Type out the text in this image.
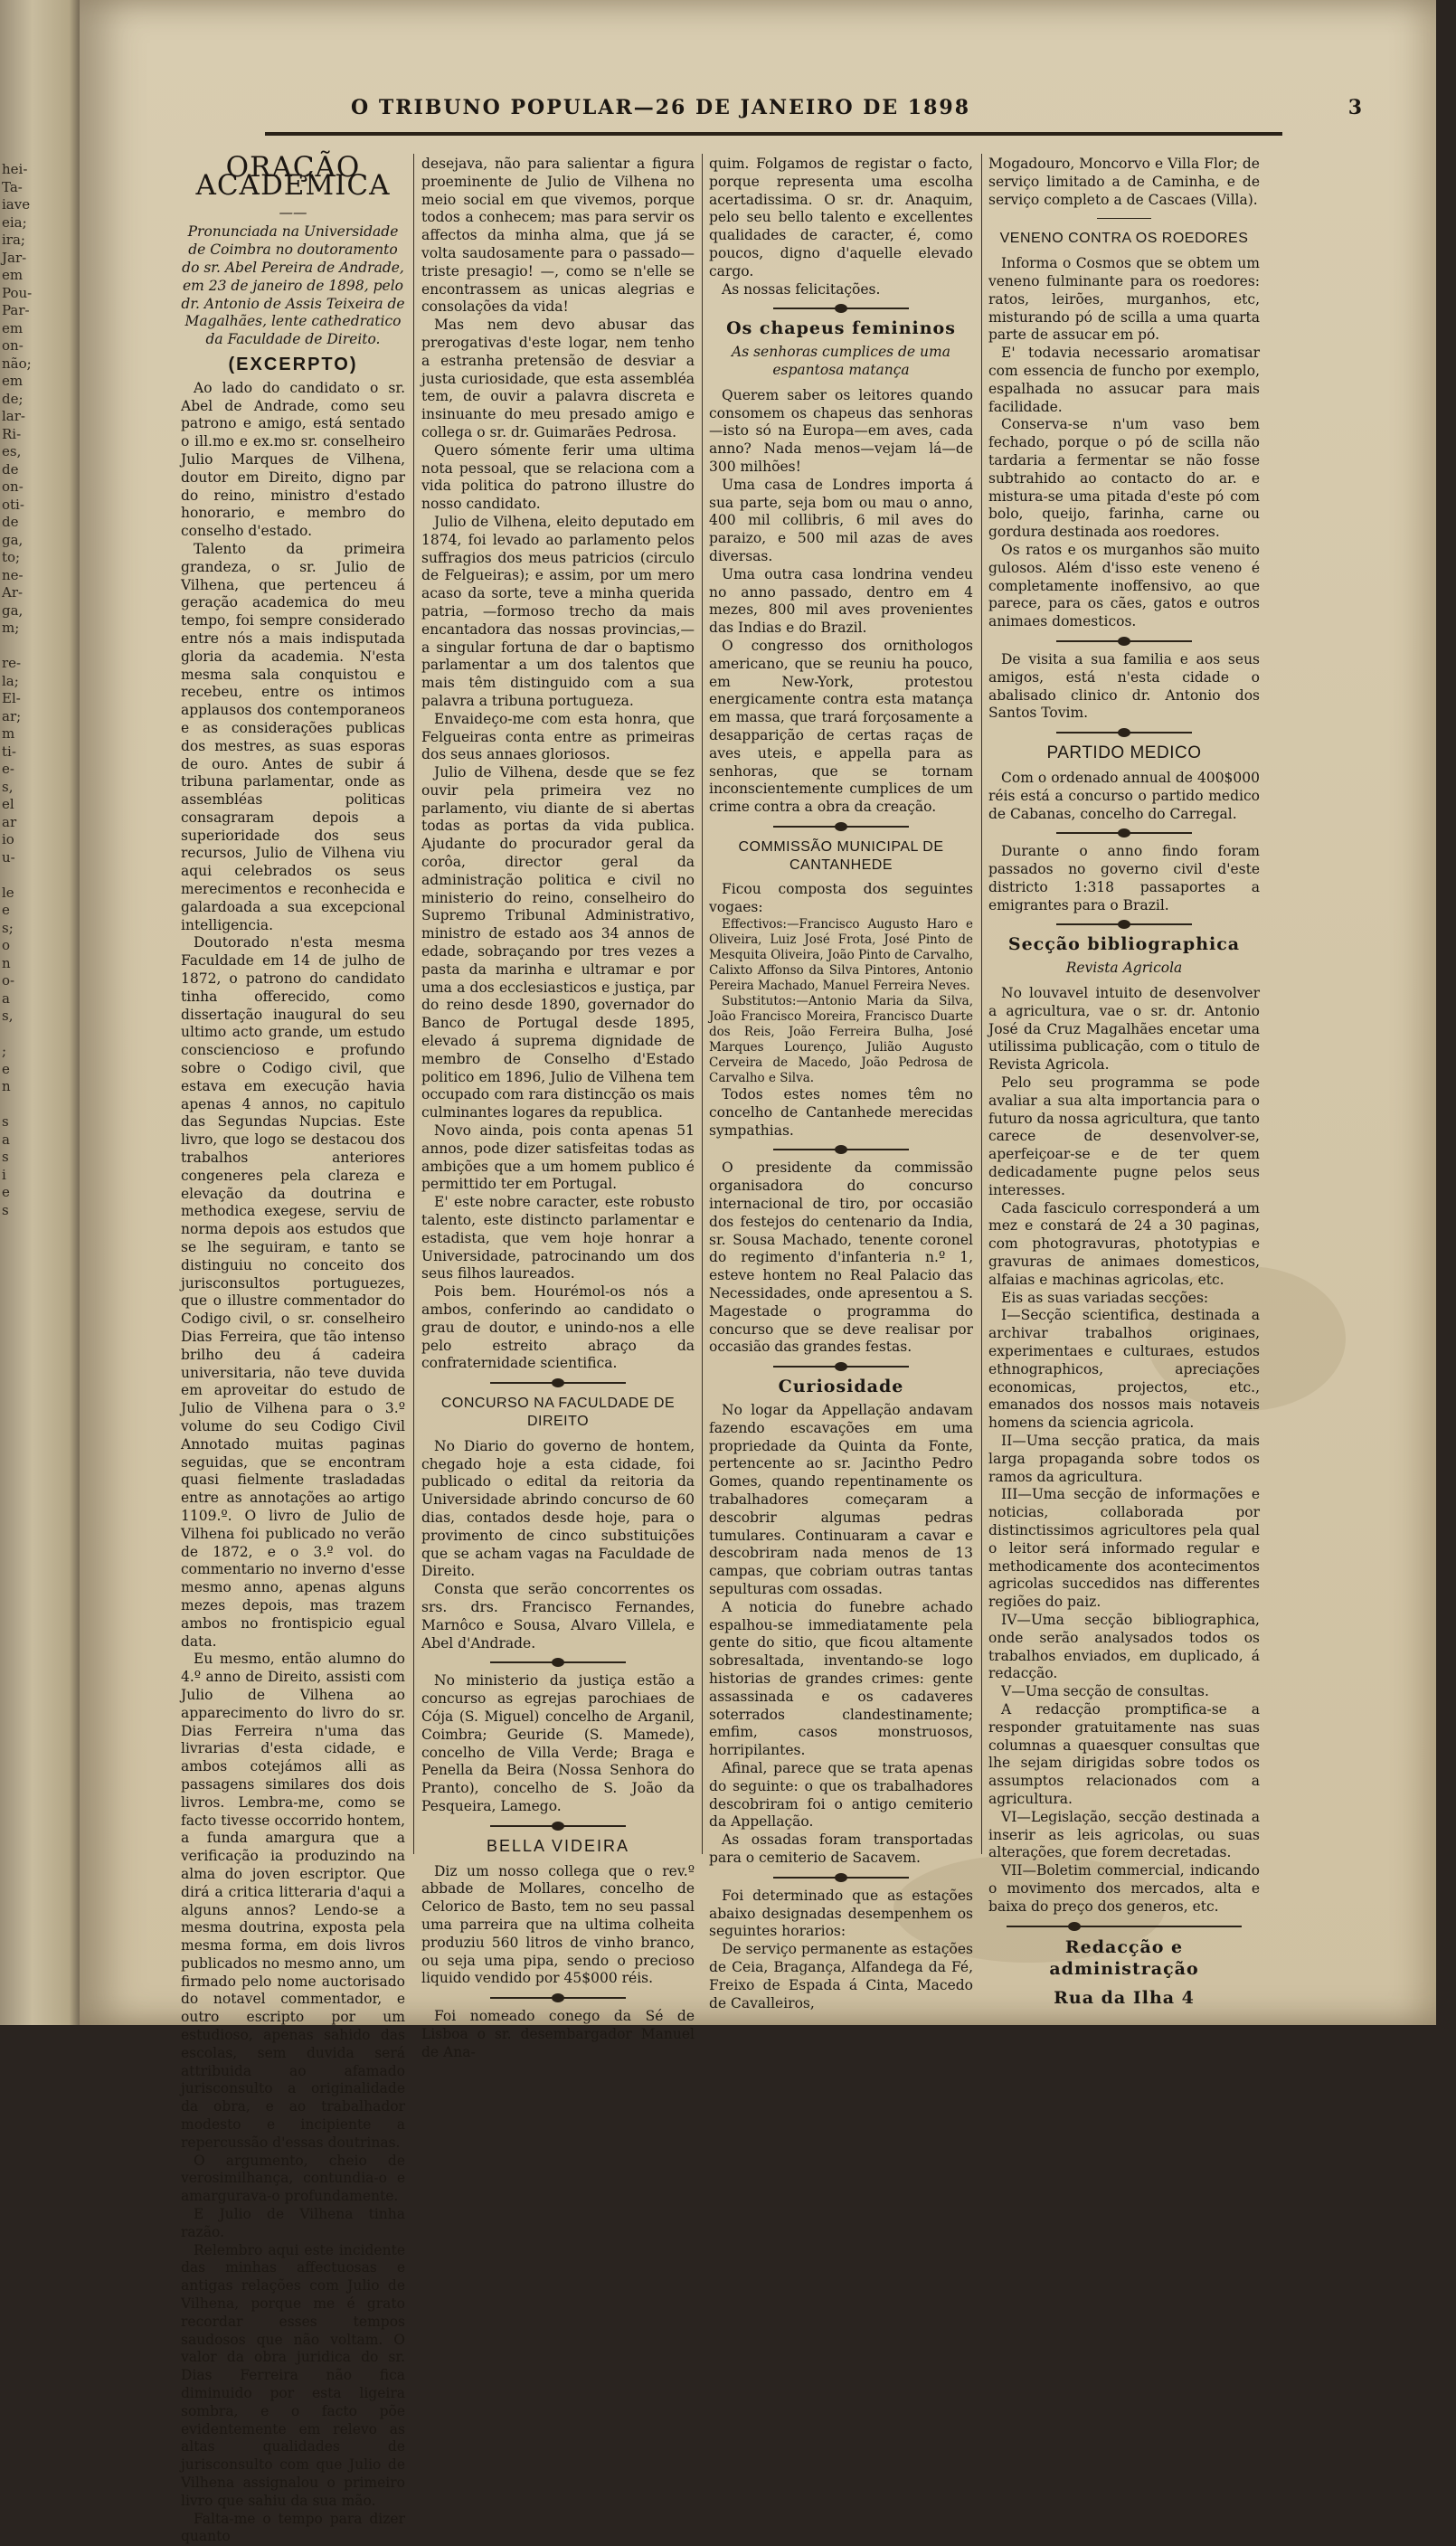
hei-
Ta-
iave
eia;
ira;
Jar-
em
Pou-
Par-
em
on-
não;
em
de;
lar-
Ri-
es,
de
on-
oti-
de
ga,
to;
ne-
Ar-
ga,
m;
re-
la;
El-
ar;
m
ti-
e-
s,
el
ar
io
u-
le
e
s;
o
n
o-
a
s,
;
e
n
s
a
s
i
e
s
O TRIBUNO POPULAR—26 DE JANEIRO DE 1898	3
ORAÇÃO ACADEMICA
——

Pronunciada na Universidade de Coimbra no doutoramento do sr. Abel Pereira de Andrade, em 23 de janeiro de 1898, pelo dr. Antonio de Assis Teixeira de Magalhães, lente cathedratico da Faculdade de Direito.

(EXCERPTO)

Ao lado do candidato o sr. Abel de Andrade, como seu patrono e amigo, está sentado o ill.mo e ex.mo sr. conselheiro Julio Marques de Vilhena, doutor em Direito, digno par do reino, ministro d'estado honorario, e membro do conselho d'estado.

Talento da primeira grandeza, o sr. Julio de Vilhena, que pertenceu á geração academica do meu tempo, foi sempre considerado entre nós a mais indisputada gloria da academia. N'esta mesma sala conquistou e recebeu, entre os intimos applausos dos contemporaneos e as considerações publicas dos mestres, as suas esporas de ouro. Antes de subir á tribuna parlamentar, onde as assembléas politicas consagraram depois a superioridade dos seus recursos, Julio de Vilhena viu aqui celebrados os seus merecimentos e reconhecida e galardoada a sua excepcional intelligencia.

Doutorado n'esta mesma Faculdade em 14 de julho de 1872, o patrono do candidato tinha offerecido, como dissertação inaugural do seu ultimo acto grande, um estudo conscienciosо e profundo sobre o Codigo civil, que estava em execução havia apenas 4 annos, no capitulo das Segundas Nupcias. Este livro, que logo se destacou dos trabalhos anteriores congeneres pela clareza e elevação da doutrina e methodica exegese, serviu de norma depois aos estudos que se lhe seguiram, e tanto se distinguiu no conceito dos jurisconsultos portuguezes, que o illustre commentador do Codigo civil, o sr. conselheiro Dias Ferreira, que tão intenso brilho deu á cadeira universitaria, não teve duvida em aproveitar do estudo de Julio de Vilhena para o 3.º volume do seu Codigo Civil Annotado muitas paginas seguidas, que se encontram quasi fielmente trasladadas entre as annotações ao artigo 1109.º. O livro de Julio de Vilhena foi publicado no verão de 1872, e o 3.º vol. do commentario no inverno d'esse mesmo anno, apenas alguns mezes depois, mas trazem ambos no frontispicio egual data.

Eu mesmo, então alumno do 4.º anno de Direito, assisti com Julio de Vilhena ao apparecimento do livro do sr. Dias Ferreira n'uma das livrarias d'esta cidade, e ambos cotejámos alli as passagens similares dos dois livros. Lembra-me, como se facto tivesse occorrido hontem, a funda amargura que a verificação ia produzindo na alma do joven escriptor. Que dirá a critica litteraria d'aqui a alguns annos? Lendo-se a mesma doutrina, exposta pela mesma forma, em dois livros publicados no mesmo anno, um firmado pelo nome auctorisado do notavel commentador, e outro escripto por um estudioso, apenas sahido das escolas, sem duvida será attribuida ao afamado jurisconsulto a originalidade da obra, e ao trabalhador modesto e incipiente a repercussão d'essas doutrinas.

O argumento, cheio de verosimilhança, contundia-o e amargurava-o profundamente.

E Julio de Vilhena tinha razão.

Relembro aqui este incidente das minhas affectuosas e antigas relações com Julio de Vilhena, porque me é grato recordar esses tempos saudosos que não voltam. O valor da obra juridica do sr. Dias Ferreira não fica diminuido por esta ligeira sombra, e o facto põe evidentemente em relevo as altas qualidades de jurisconsulto com que Julio de Vilhena assignalou o primeiro livro que sahiu da sua mão.

Falta-me o tempo para dizer quanto

desejava, não para salientar a figura proeminente de Julio de Vilhena no meio social em que vivemos, porque todos a conhecem; mas para servir os affectos da minha alma, que já se volta saudosamente para o passado—triste presagio! —, como se n'elle se encontrassem as unicas alegrias e consolações da vida!

Mas nem devo abusar das prerogativas d'este logar, nem tenho a estranha pretensão de desviar a justa curiosidade, que esta assembléa tem, de ouvir a palavra discreta e insinuante do meu presado amigo e collega o sr. dr. Guimarães Pedrosa.

Quero sómente ferir uma ultima nota pessoal, que se relaciona com a vida politica do patrono illustre do nosso candidato.

Julio de Vilhena, eleito deputado em 1874, foi levado ao parlamento pelos suffragios dos meus patricios (circulo de Felgueiras); e assim, por um mero acaso da sorte, teve a minha querida patria, —formoso trecho da mais encantadora das nossas provincias,—a singular fortuna de dar o baptismo parlamentar a um dos talentos que mais têm distinguido com a sua palavra a tribuna portugueza.

Envaideço-me com esta honra, que Felgueiras conta entre as primeiras dos seus annaes gloriosos.

Julio de Vilhena, desde que se fez ouvir pela primeira vez no parlamento, viu diante de si abertas todas as portas da vida publica. Ajudante do procurador geral da corôa, director geral da administração politica e civil no ministerio do reino, conselheiro do Supremo Tribunal Administrativo, ministro de estado aos 34 annos de edade, sobraçando por tres vezes a pasta da marinha e ultramar e por uma a dos ecclesiasticos e justiça, par do reino desde 1890, governador do Banco de Portugal desde 1895, elevado á suprema dignidade de membro de Conselho d'Estado politico em 1896, Julio de Vilhena tem occupado com rara distincção os mais culminantes logares da republica.

Novo ainda, pois conta apenas 51 annos, pode dizer satisfeitas todas as ambições que a um homem publico é permittido ter em Portugal.

E' este nobre caracter, este robusto talento, este distincto parlamentar e estadista, que vem hoje honrar a Universidade, patrocinando um dos seus filhos laureados.

Pois bem. Hourémol-os nós a ambos, conferindo ao candidato o grau de doutor, e unindo-nos a elle pelo estreito abraço da confraternidade scientifica.

CONCURSO NA FACULDADE DE DIREITO

No Diario do governo de hontem, chegado hoje a esta cidade, foi publicado o edital da reitoria da Universidade abrindo concurso de 60 dias, contados desde hoje, para o provimento de cinco substituições que se acham vagas na Faculdade de Direito.

Consta que serão concorrentes os srs. drs. Francisco Fernandes, Marnôco e Sousa, Alvaro Villela, e Abel d'Andrade.

No ministerio da justiça estão a concurso as egrejas parochiaes de Cója (S. Miguel) concelho de Arganil, Coimbra; Geuride (S. Mamede), concelho de Villa Verde; Braga e Penella da Beira (Nossa Senhora do Pranto), concelho de S. João da Pesqueira, Lamego.

BELLA VIDEIRA

Diz um nosso collega que o rev.º abbade de Mollares, concelho de Celorico de Basto, tem no seu passal uma parreira que na ultima colheita produziu 560 litros de vinho branco, ou seja uma pipa, sendo o precioso liquido vendido por 45$000 réis.

Foi nomeado conego da Sé de Lisboa o sr. desembargador Manuel de Ana-

quim. Folgamos de registar o facto, porque representa uma escolha acertadissima. O sr. dr. Anaquim, pelo seu bello talento e excellentes qualidades de caracter, é, como poucos, digno d'aquelle elevado cargo.

As nossas felicitações.

Os chapeus femininos

As senhoras cumplices de uma espantosa matança

Querem saber os leitores quando consomem os chapeus das senhoras—isto só na Europa—em aves, cada anno? Nada menos—vejam lá—de 300 milhões!

Uma casa de Londres importa á sua parte, seja bom ou mau o anno, 400 mil collibris, 6 mil aves do paraizo, e 500 mil azas de aves diversas.

Uma outra casa londrina vendeu no anno passado, dentro em 4 mezes, 800 mil aves provenientes das Indias e do Brazil.

O congresso dos ornithologos americano, que se reuniu ha pouco, em New-York, protestou energicamente contra esta matança em massa, que trará forçosamente a desapparição de certas raças de aves uteis, e appella para as senhoras, que se tornam inconscientemente cumplices de um crime contra a obra da creação.

COMMISSÃO MUNICIPAL DE CANTANHEDE

Ficou composta dos seguintes vogaes:

Effectivos:—Francisco Augusto Haro e Oliveira, Luiz José Frota, José Pinto de Mesquita Oliveira, João Pinto de Carvalho, Calixto Affonso da Silva Pintores, Antonio Pereira Machado, Manuel Ferreira Neves.

Substitutos:—Antonio Maria da Silva, João Francisco Moreira, Francisco Duarte dos Reis, João Ferreira Bulha, José Marques Lourenço, Julião Augusto Cerveira de Macedo, João Pedrosa de Carvalho e Silva.

Todos estes nomes têm no concelho de Cantanhede merecidas sympathias.

O presidente da commissão organisadora do concurso internacional de tiro, por occasião dos festejos do centenario da India, sr. Sousa Machado, tenente coronel do regimento d'infanteria n.º 1, esteve hontem no Real Palacio das Necessidades, onde apresentou a S. Magestade o programma do concurso que se deve realisar por occasião das grandes festas.

Curiosidade

No logar da Appellação andavam fazendo escavações em uma propriedade da Quinta da Fonte, pertencente ao sr. Jacintho Pedro Gomes, quando repentinamente os trabalhadores começaram a descobrir algumas pedras tumulares. Continuaram a cavar e descobriram nada menos de 13 campas, que cobriam outras tantas sepulturas com ossadas.

A noticia do funebre achado espalhou-se immediatamente pela gente do sitio, que ficou altamente sobresaltada, inventando-se logo historias de grandes crimes: gente assassinada e os cadaveres soterrados clandestinamente; emfim, casos monstruosos, horripilantes.

Afinal, parece que se trata apenas do seguinte: o que os trabalhadores descobriram foi o antigo cemiterio da Appellação.

As ossadas foram transportadas para o cemiterio de Sacavem.

Foi determinado que as estações abaixo designadas desempenhem os seguintes horarios:

De serviço permanente as estações de Ceia, Bragança, Alfandega da Fé, Freixo de Espada á Cinta, Macedo de Cavalleiros,

Mogadouro, Moncorvo e Villa Flor; de serviço limitado a de Caminha, e de serviço completo a de Cascaes (Villa).

VENENO CONTRA OS ROEDORES

Informa o Cosmos que se obtem um veneno fulminante para os roedores: ratos, leirões, murganhos, etc, misturando pó de scilla a uma quarta parte de assucar em pó.

E' todavia necessario aromatisar com essencia de funcho por exemplo, espalhada no assucar para mais facilidade.

Conserva-se n'um vaso bem fechado, porque o pó de scilla não tardaria a fermentar se não fosse subtrahido ao contacto do ar. e mistura-se uma pitada d'este pó com bolo, queijo, farinha, carne ou gordura destinada aos roedores.

Os ratos e os murganhos são muito gulosos. Além d'isso este veneno é completamente inoffensivo, ao que parece, para os cães, gatos e outros animaes domesticos.

De visita a sua familia e aos seus amigos, está n'esta cidade o abalisado clinico dr. Antonio dos Santos Tovim.

PARTIDO MEDICO

Com o ordenado annual de 400$000 réis está a concurso o partido medico de Cabanas, concelho do Carregal.

Durante o anno findo foram passados no governo civil d'este districto 1:318 passaportes a emigrantes para o Brazil.

Secção bibliographica

Revista Agricola

No louvavel intuito de desenvolver a agricultura, vae o sr. dr. Antonio José da Cruz Magalhães encetar uma utilissima publicação, com o titulo de Revista Agricola.

Pelo seu programma se pode avaliar a sua alta importancia para o futuro da nossa agricultura, que tanto carece de desenvolver-se, aperfeiçoar-se e de ter quem dedicadamente pugne pelos seus interesses.

Cada fasciculo corresponderá a um mez e constará de 24 a 30 paginas, com photogravuras, phototypias e gravuras de animaes domesticos, alfaias e machinas agricolas, etc.

Eis as suas variadas secções:

I—Secção scientifica, destinada a archivar trabalhos originaes, experimentaes e culturaes, estudos ethnographicos, apreciações economicas, projectos, etc., emanados dos nossos mais notaveis homens da sciencia agricola.

II—Uma secção pratica, da mais larga propaganda sobre todos os ramos da agricultura.

III—Uma secção de informações e noticias, collaborada por distinctissimos agricultores pela qual o leitor será informado regular e methodicamente dos acontecimentos agricolas succedidos nas differentes regiões do paiz.

IV—Uma secção bibliographica, onde serão analysados todos os trabalhos enviados, em duplicado, á redacção.

V—Uma secção de consultas.

A redacção promptifica-se a responder gratuitamente nas suas columnas a quaesquer consultas que lhe sejam dirigidas sobre todos os assumptos relacionados com a agricultura.

VI—Legislação, secção destinada a inserir as leis agricolas, ou suas alterações, que forem decretadas.

VII—Boletim commercial, indicando o movimento dos mercados, alta e baixa do preço dos generos, etc.

Redacção e administração
Rua da Ilha 4
